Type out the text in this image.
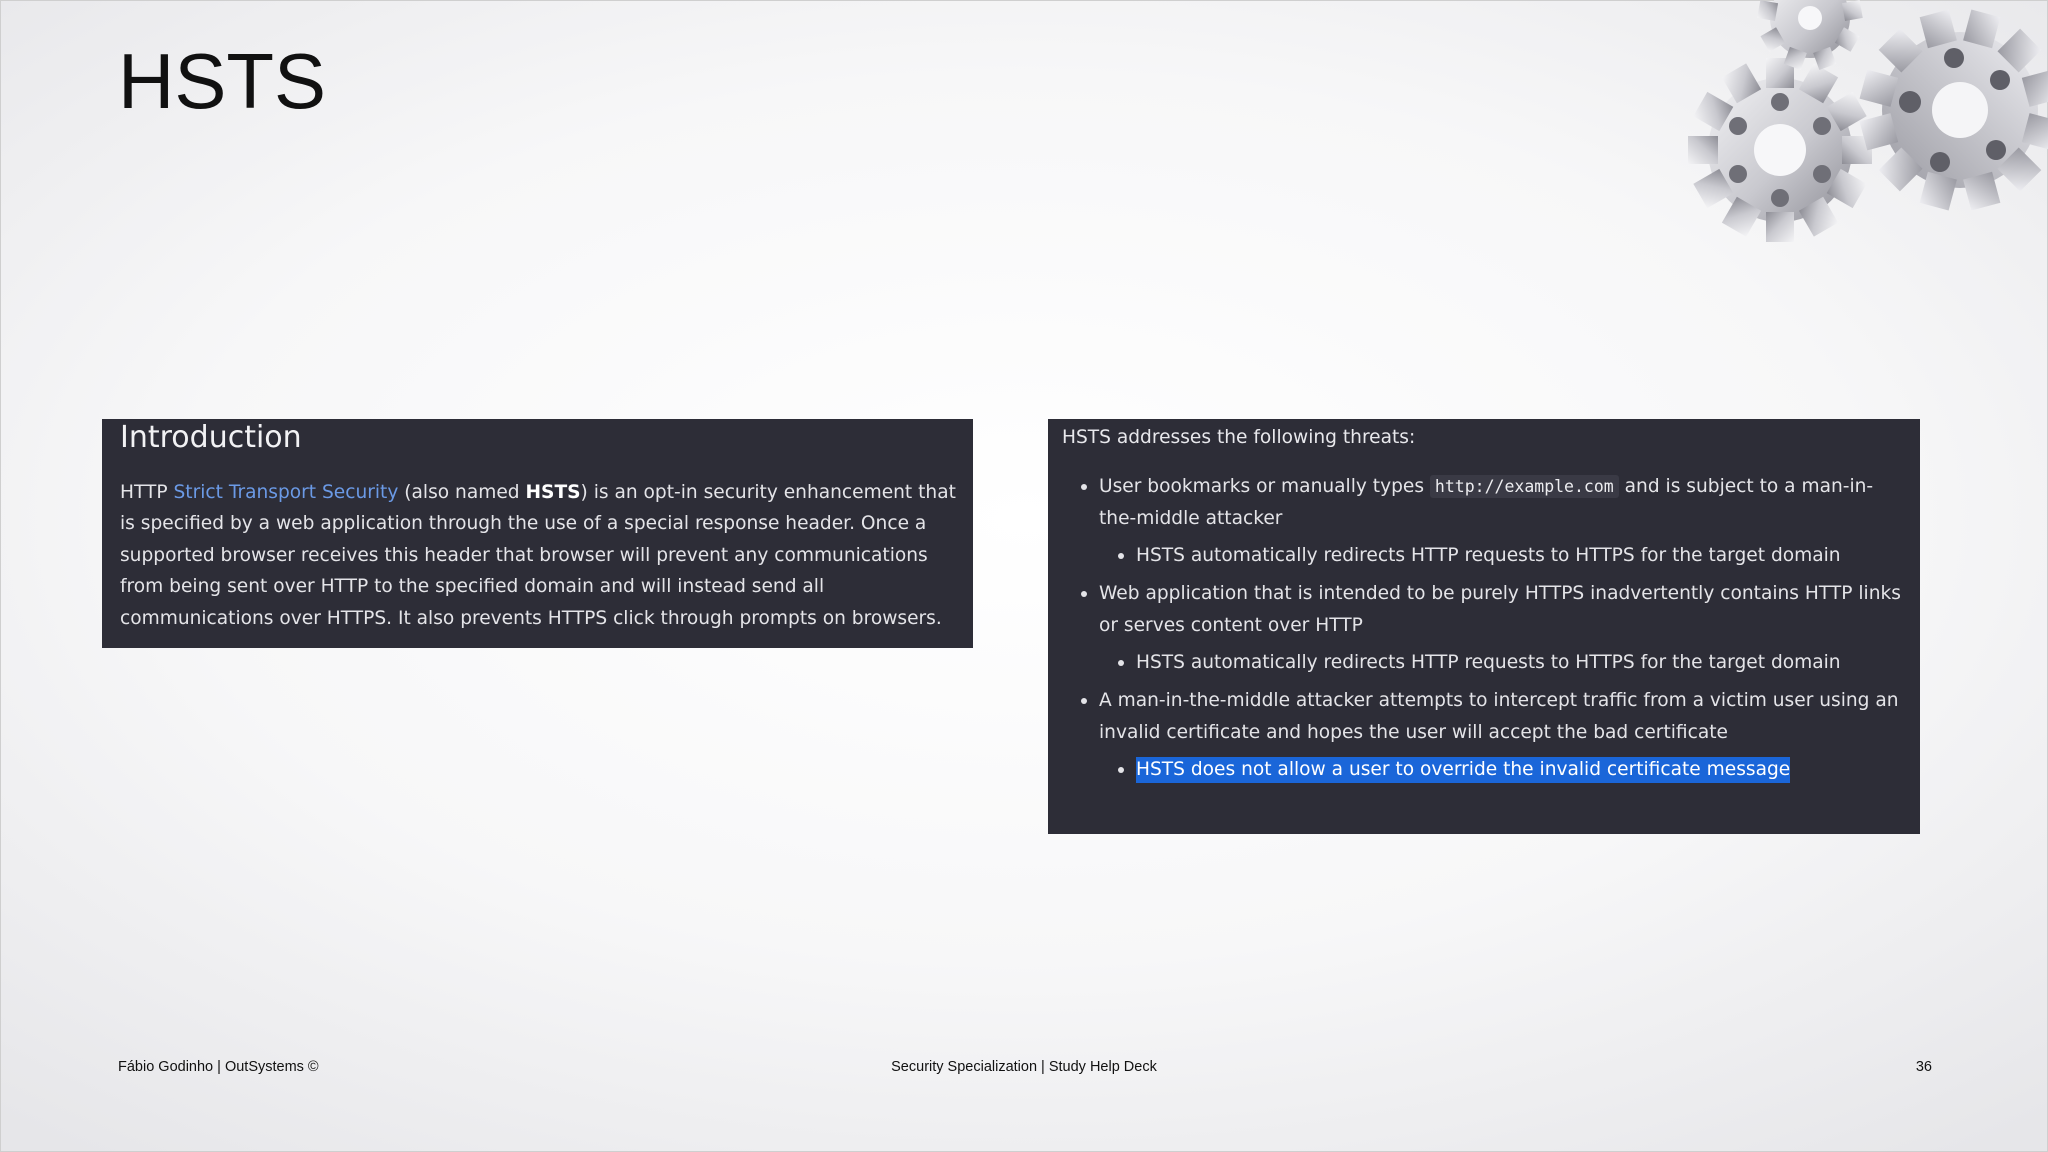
HSTS
Introduction
HTTP Strict Transport Security (also named HSTS) is an opt-in security enhancement that is specified by a web application through the use of a special response header. Once a supported browser receives this header that browser will prevent any communications from being sent over HTTP to the specified domain and will instead send all communications over HTTPS. It also prevents HTTPS click through prompts on browsers.
HSTS addresses the following threats:

User bookmarks or manually types http://example.com and is subject to a man-in-the-middle attacker

HSTS automatically redirects HTTP requests to HTTPS for the target domain

Web application that is intended to be purely HTTPS inadvertently contains HTTP links or serves content over HTTP

HSTS automatically redirects HTTP requests to HTTPS for the target domain

A man-in-the-middle attacker attempts to intercept traffic from a victim user using an invalid certificate and hopes the user will accept the bad certificate

HSTS does not allow a user to override the invalid certificate message
Fábio Godinho | OutSystems ©	Security Specialization | Study Help Deck	36
